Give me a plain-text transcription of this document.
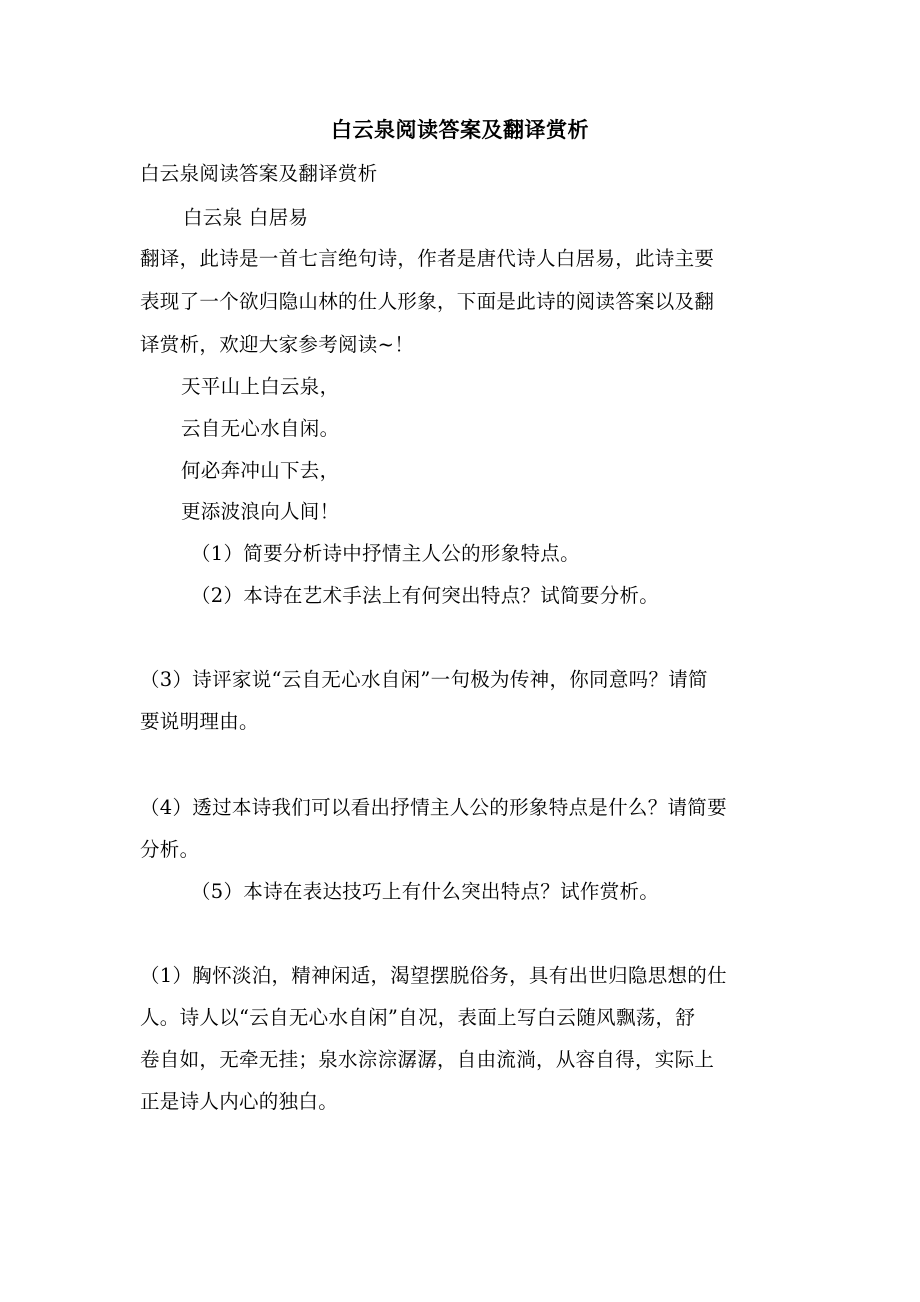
白云泉阅读答案及翻译赏析
白云泉阅读答案及翻译赏析
白云泉 白居易
翻译，此诗是一首七言绝句诗，作者是唐代诗人白居易，此诗主要
表现了一个欲归隐山林的仕人形象，下面是此诗的阅读答案以及翻
译赏析，欢迎大家参考阅读~！
天平山上白云泉，
云自无心水自闲。
何必奔冲山下去，
更添波浪向人间！
（1）简要分析诗中抒情主人公的形象特点。
（2）本诗在艺术手法上有何突出特点？试简要分析。
（3）诗评家说“云自无心水自闲”一句极为传神，你同意吗？请简
要说明理由。
（4）透过本诗我们可以看出抒情主人公的形象特点是什么？请简要
分析。
（5）本诗在表达技巧上有什么突出特点？试作赏析。
（1）胸怀淡泊，精神闲适，渴望摆脱俗务，具有出世归隐思想的仕
人。诗人以“云自无心水自闲”自况，表面上写白云随风飘荡，舒
卷自如，无牵无挂；泉水淙淙潺潺，自由流淌，从容自得，实际上
正是诗人内心的独白。
